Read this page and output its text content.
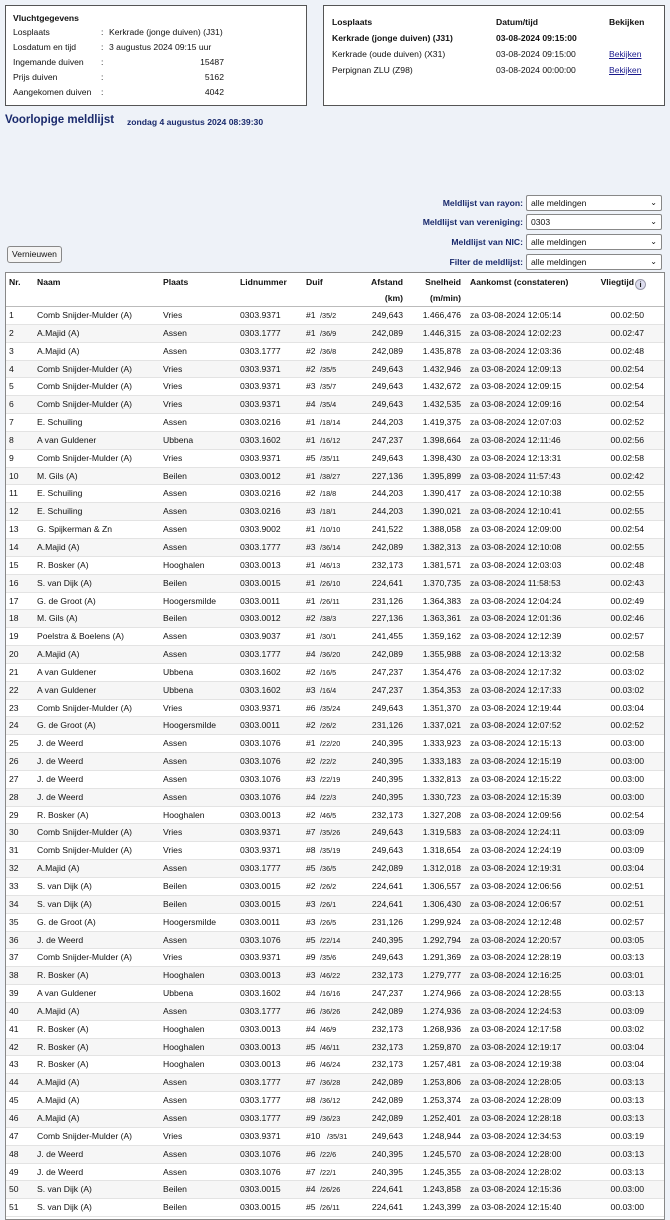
Vluchtgegevens
Losplaats	: Kerkrade (jonge duiven) (J31)
Losdatum en tijd	: 3 augustus 2024 09:15 uur
Ingemande duiven :	15487
Prijs duiven	:	5162
Aangekomen duiven :	4042
Losplaats	Datum/tijd	Bekijken
Kerkrade (jonge duiven) (J31)	03-08-2024 09:15:00
Kerkrade (oude duiven) (X31)	03-08-2024 09:15:00	Bekijken
Perpignan ZLU (Z98)	03-08-2024 00:00:00	Bekijken
Voorlopige meldlijst zondag 4 augustus 2024 08:39:30
Meldlijst van rayon: alle meldingen	⌄
Meldlijst van vereniging: 0303	⌄
Meldlijst van NIC: alle meldingen	⌄
Filter de meldlijst: alle meldingen	⌄
Vernieuwen
Nr. Naam	Plaats	Lidnummer Duif	Afstand
(km)
Snelheid
(m/min)
Aankomst (constateren)	Vliegtijd i
1	Comb Snijder-Mulder (A)	Vries	0303.9371	#1 /35/2	249,643 1.466,476 za 03-08-2024 12:05:14	00.02:50
2	A.Majid (A)	Assen	0303.1777	#1 /36/9	242,089 1.446,315 za 03-08-2024 12:02:23	00.02:47
3	A.Majid (A)	Assen	0303.1777	#2 /36/8	242,089 1.435,878 za 03-08-2024 12:03:36	00.02:48
4	Comb Snijder-Mulder (A)	Vries	0303.9371	#2 /35/5	249,643 1.432,946 za 03-08-2024 12:09:13	00.02:54
5	Comb Snijder-Mulder (A)	Vries	0303.9371	#3 /35/7	249,643 1.432,672 za 03-08-2024 12:09:15	00.02:54
6	Comb Snijder-Mulder (A)	Vries	0303.9371	#4 /35/4	249,643 1.432,535 za 03-08-2024 12:09:16	00.02:54
7	E. Schuiling	Assen	0303.0216	#1 /18/14	244,203 1.419,375 za 03-08-2024 12:07:03	00.02:52
8	A van Guldener	Ubbena	0303.1602	#1 /16/12	247,237 1.398,664 za 03-08-2024 12:11:46	00.02:56
9	Comb Snijder-Mulder (A)	Vries	0303.9371	#5 /35/11	249,643 1.398,430 za 03-08-2024 12:13:31	00.02:58
10 M. Gils (A)	Beilen	0303.0012	#1 /38/27	227,136 1.395,899 za 03-08-2024 11:57:43	00.02:42
11 E. Schuiling	Assen	0303.0216	#2 /18/8	244,203 1.390,417 za 03-08-2024 12:10:38	00.02:55
12 E. Schuiling	Assen	0303.0216	#3 /18/1	244,203 1.390,021 za 03-08-2024 12:10:41	00.02:55
13 G. Spijkerman & Zn	Assen	0303.9002	#1 /10/10	241,522 1.388,058 za 03-08-2024 12:09:00	00.02:54
14 A.Majid (A)	Assen	0303.1777	#3 /36/14	242,089 1.382,313 za 03-08-2024 12:10:08	00.02:55
15 R. Bosker (A)	Hooghalen	0303.0013	#1 /46/13	232,173 1.381,571 za 03-08-2024 12:03:03	00.02:48
16 S. van Dijk (A)	Beilen	0303.0015	#1 /26/10	224,641 1.370,735 za 03-08-2024 11:58:53	00.02:43
17 G. de Groot (A)	Hoogersmilde	0303.0011	#1 /26/11	231,126 1.364,383 za 03-08-2024 12:04:24	00.02:49
18 M. Gils (A)	Beilen	0303.0012	#2 /38/3	227,136 1.363,361 za 03-08-2024 12:01:36	00.02:46
19 Poelstra & Boelens (A)	Assen	0303.9037	#1 /30/1	241,455 1.359,162 za 03-08-2024 12:12:39	00.02:57
20 A.Majid (A)	Assen	0303.1777	#4 /36/20	242,089 1.355,988 za 03-08-2024 12:13:32	00.02:58
21 A van Guldener	Ubbena	0303.1602	#2 /16/5	247,237 1.354,476 za 03-08-2024 12:17:32	00.03:02
22 A van Guldener	Ubbena	0303.1602	#3 /16/4	247,237 1.354,353 za 03-08-2024 12:17:33	00.03:02
23 Comb Snijder-Mulder (A)	Vries	0303.9371	#6 /35/24	249,643 1.351,370 za 03-08-2024 12:19:44	00.03:04
24 G. de Groot (A)	Hoogersmilde	0303.0011	#2 /26/2	231,126 1.337,021 za 03-08-2024 12:07:52	00.02:52
25 J. de Weerd	Assen	0303.1076	#1 /22/20	240,395 1.333,923 za 03-08-2024 12:15:13	00.03:00
26 J. de Weerd	Assen	0303.1076	#2 /22/2	240,395 1.333,183 za 03-08-2024 12:15:19	00.03:00
27 J. de Weerd	Assen	0303.1076	#3 /22/19	240,395 1.332,813 za 03-08-2024 12:15:22	00.03:00
28 J. de Weerd	Assen	0303.1076	#4 /22/3	240,395 1.330,723 za 03-08-2024 12:15:39	00.03:00
29 R. Bosker (A)	Hooghalen	0303.0013	#2 /46/5	232,173 1.327,208 za 03-08-2024 12:09:56	00.02:54
30 Comb Snijder-Mulder (A)	Vries	0303.9371	#7 /35/26	249,643 1.319,583 za 03-08-2024 12:24:11	00.03:09
31 Comb Snijder-Mulder (A)	Vries	0303.9371	#8 /35/19	249,643 1.318,654 za 03-08-2024 12:24:19	00.03:09
32 A.Majid (A)	Assen	0303.1777	#5 /36/5	242,089 1.312,018 za 03-08-2024 12:19:31	00.03:04
33 S. van Dijk (A)	Beilen	0303.0015	#2 /26/2	224,641 1.306,557 za 03-08-2024 12:06:56	00.02:51
34 S. van Dijk (A)	Beilen	0303.0015	#3 /26/1	224,641 1.306,430 za 03-08-2024 12:06:57	00.02:51
35 G. de Groot (A)	Hoogersmilde	0303.0011	#3 /26/5	231,126 1.299,924 za 03-08-2024 12:12:48	00.02:57
36 J. de Weerd	Assen	0303.1076	#5 /22/14	240,395 1.292,794 za 03-08-2024 12:20:57	00.03:05
37 Comb Snijder-Mulder (A)	Vries	0303.9371	#9 /35/6	249,643 1.291,369 za 03-08-2024 12:28:19	00.03:13
38 R. Bosker (A)	Hooghalen	0303.0013	#3 /46/22	232,173 1.279,777 za 03-08-2024 12:16:25	00.03:01
39 A van Guldener	Ubbena	0303.1602	#4 /16/16	247,237 1.274,966 za 03-08-2024 12:28:55	00.03:13
40 A.Majid (A)	Assen	0303.1777	#6 /36/26	242,089 1.274,936 za 03-08-2024 12:24:53	00.03:09
41 R. Bosker (A)	Hooghalen	0303.0013	#4 /46/9	232,173 1.268,936 za 03-08-2024 12:17:58	00.03:02
42 R. Bosker (A)	Hooghalen	0303.0013	#5 /46/11	232,173 1.259,870 za 03-08-2024 12:19:17	00.03:04
43 R. Bosker (A)	Hooghalen	0303.0013	#6 /46/24	232,173 1.257,481 za 03-08-2024 12:19:38	00.03:04
44 A.Majid (A)	Assen	0303.1777	#7 /36/28	242,089 1.253,806 za 03-08-2024 12:28:05	00.03:13
45 A.Majid (A)	Assen	0303.1777	#8 /36/12	242,089 1.253,374 za 03-08-2024 12:28:09	00.03:13
46 A.Majid (A)	Assen	0303.1777	#9 /36/23	242,089 1.252,401 za 03-08-2024 12:28:18	00.03:13
47 Comb Snijder-Mulder (A)	Vries	0303.9371	#10 /35/31	249,643 1.248,944 za 03-08-2024 12:34:53	00.03:19
48 J. de Weerd	Assen	0303.1076	#6 /22/6	240,395 1.245,570 za 03-08-2024 12:28:00	00.03:13
49 J. de Weerd	Assen	0303.1076	#7 /22/1	240,395 1.245,355 za 03-08-2024 12:28:02	00.03:13
50 S. van Dijk (A)	Beilen	0303.0015	#4 /26/26	224,641 1.243,858 za 03-08-2024 12:15:36	00.03:00
51 S. van Dijk (A)	Beilen	0303.0015	#5 /26/11	224,641 1.243,399 za 03-08-2024 12:15:40	00.03:00
